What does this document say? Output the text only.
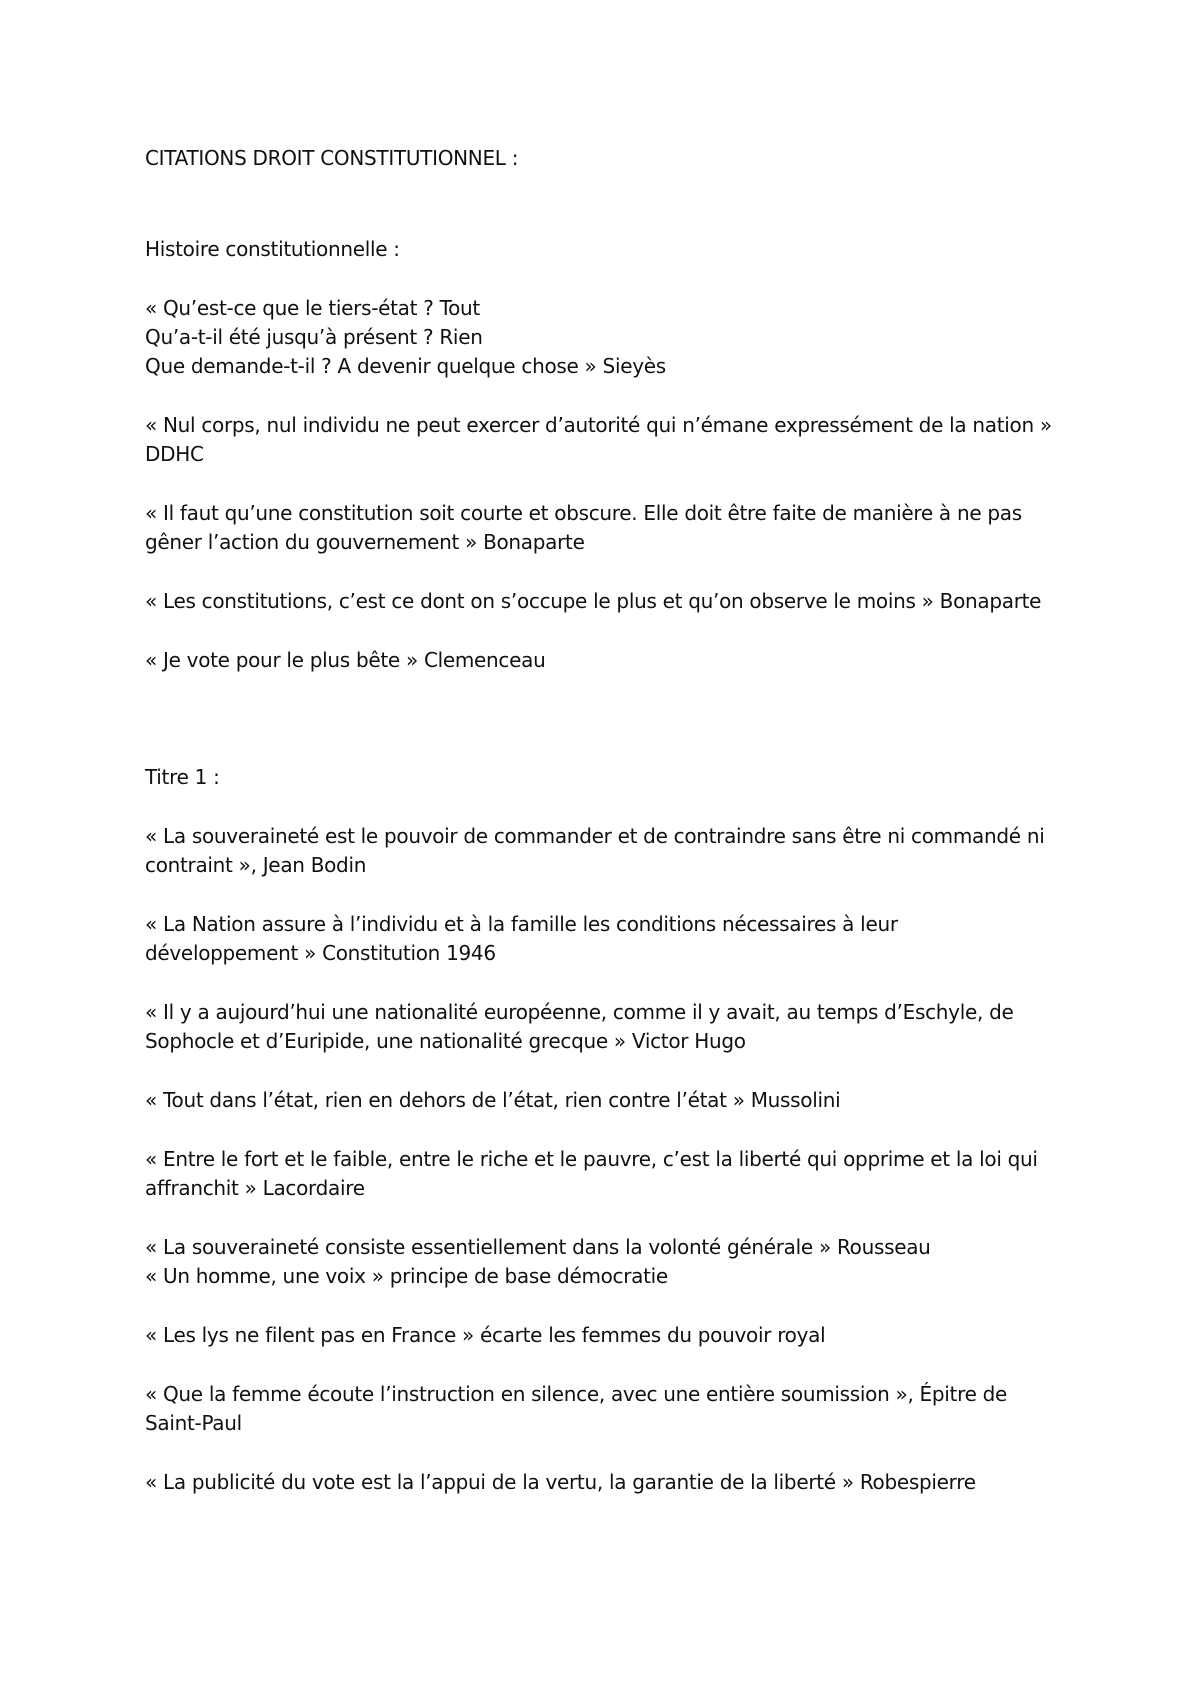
CITATIONS DROIT CONSTITUTIONNEL :
Histoire constitutionnelle :
« Qu’est-ce que le tiers-état ? Tout
Qu’a-t-il été jusqu’à présent ? Rien
Que demande-t-il ? A devenir quelque chose » Sieyès
« Nul corps, nul individu ne peut exercer d’autorité qui n’émane expressément de la nation »
DDHC
« Il faut qu’une constitution soit courte et obscure. Elle doit être faite de manière à ne pas
gêner l’action du gouvernement » Bonaparte
« Les constitutions, c’est ce dont on s’occupe le plus et qu’on observe le moins » Bonaparte
« Je vote pour le plus bête » Clemenceau
Titre 1 :
« La souveraineté est le pouvoir de commander et de contraindre sans être ni commandé ni
contraint », Jean Bodin
« La Nation assure à l’individu et à la famille les conditions nécessaires à leur
développement » Constitution 1946
« Il y a aujourd’hui une nationalité européenne, comme il y avait, au temps d’Eschyle, de
Sophocle et d’Euripide, une nationalité grecque » Victor Hugo
« Tout dans l’état, rien en dehors de l’état, rien contre l’état » Mussolini
« Entre le fort et le faible, entre le riche et le pauvre, c’est la liberté qui opprime et la loi qui
affranchit » Lacordaire
« La souveraineté consiste essentiellement dans la volonté générale » Rousseau
« Un homme, une voix » principe de base démocratie
« Les lys ne filent pas en France » écarte les femmes du pouvoir royal
« Que la femme écoute l’instruction en silence, avec une entière soumission », Épitre de
Saint-Paul
« La publicité du vote est la l’appui de la vertu, la garantie de la liberté » Robespierre
